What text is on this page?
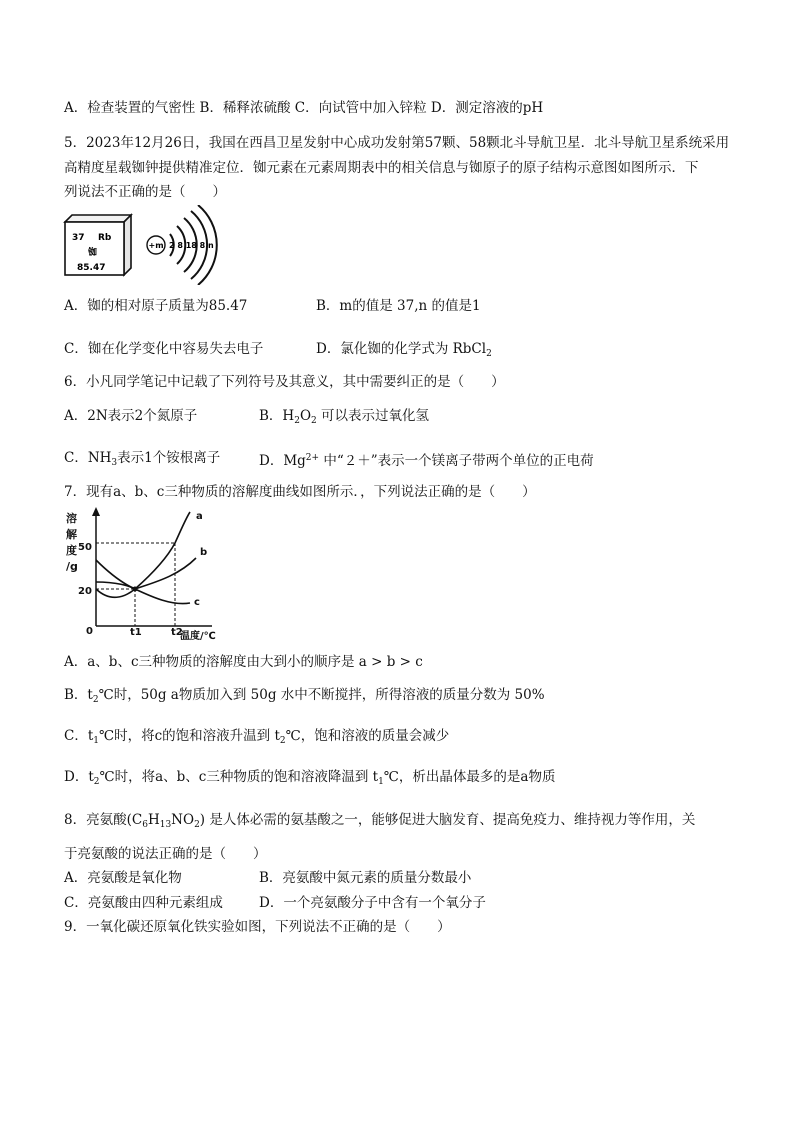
A．检查装置的气密性 B．稀释浓硫酸 C．向试管中加入锌粒 D．测定溶液的pH
5．2023年12月26日，我国在西昌卫星发射中心成功发射第57颗、58颗北斗导航卫星．北斗导航卫星系统采用
高精度星载铷钟提供精准定位．铷元素在元素周期表中的相关信息与铷原子的原子结构示意图如图所示．下
列说法不正确的是（　　）
37 Rb
铷
85.47
+m 2 8 18 8 n
A．铷的相对原子质量为85.47	B．m的值是 37,n 的值是1
C．铷在化学变化中容易失去电子	D．氯化铷的化学式为 RbCl$_2$
6．小凡同学笔记中记载了下列符号及其意义，其中需要纠正的是（　　）
A．2N表示2个氮原子	B．$H_2O_2$ 可以表示过氧化氢
C．$NH_3$表示1个铵根离子	D．$Mg^{2+}$ 中“２＋”表示一个镁离子带两个单位的正电荷
7．现有a、b、c三种物质的溶解度曲线如图所示．，下列说法正确的是（　　）
溶
解
度
/g
50
20
0	t1	t2
温度/℃
a
b
c
A．a、b、c三种物质的溶解度由大到小的顺序是 a > b > c
B．$t_2℃$时，50g a物质加入到 50g 水中不断搅拌，所得溶液的质量分数为 50%
C．$t_1℃$时，将c的饱和溶液升温到 $t_2℃$，饱和溶液的质量会减少
D．$t_2℃$时，将a、b、c三种物质的饱和溶液降温到 $t_1℃$，析出晶体最多的是a物质
8．亮氨酸$(C_6H_{13}NO_2)$ 是人体必需的氨基酸之一，能够促进大脑发育、提高免疫力、维持视力等作用，关
于亮氨酸的说法正确的是（　　）
A．亮氨酸是氧化物	B．亮氨酸中氮元素的质量分数最小
C．亮氨酸由四种元素组成	D．一个亮氨酸分子中含有一个氧分子
9．一氧化碳还原氧化铁实验如图，下列说法不正确的是（　　）
